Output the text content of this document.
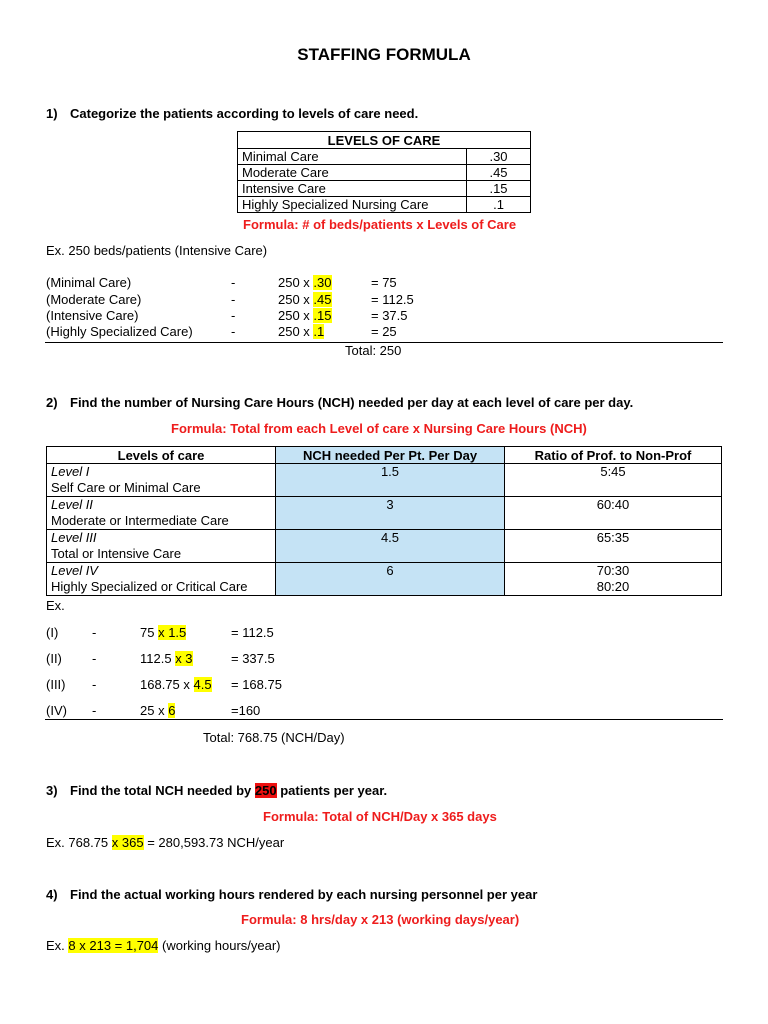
STAFFING FORMULA
1) Categorize the patients according to levels of care need.
LEVELS OF CARE	
Minimal Care	.30
Moderate Care	.45
Intensive Care	.15
Highly Specialized Nursing Care	.1
Formula: # of beds/patients x Levels of Care
Ex. 250 beds/patients (Intensive Care)
(Minimal Care)	-	250 x .30	= 75
(Moderate Care)	-	250 x .45	= 112.5
(Intensive Care)	-	250 x .15	= 37.5
(Highly Specialized Care)	-	250 x .1	= 25
Total: 250
2) Find the number of Nursing Care Hours (NCH) needed per day at each level of care per day.
Formula: Total from each Level of care x Nursing Care Hours (NCH)
Levels of care	NCH needed Per Pt. Per Day	Ratio of Prof. to Non-Prof
Level I
Self Care or Minimal Care	1.5	5:45
Level II
Moderate or Intermediate Care	3	60:40
Level III
Total or Intensive Care	4.5	65:35
Level IV
Highly Specialized or Critical Care	6	70:30
80:20
Ex.
(I)	-	75 x 1.5	= 112.5
(II) -	112.5 x 3	= 337.5
(III) -	168.75 x 4.5 = 168.75
(IV) -	25 x 6	=160
Total: 768.75 (NCH/Day)
3) Find the total NCH needed by 250 patients per year.
Formula: Total of NCH/Day x 365 days
Ex. 768.75 x 365 = 280,593.73 NCH/year
4) Find the actual working hours rendered by each nursing personnel per year
Formula: 8 hrs/day x 213 (working days/year)
Ex. 8 x 213 = 1,704 (working hours/year)
